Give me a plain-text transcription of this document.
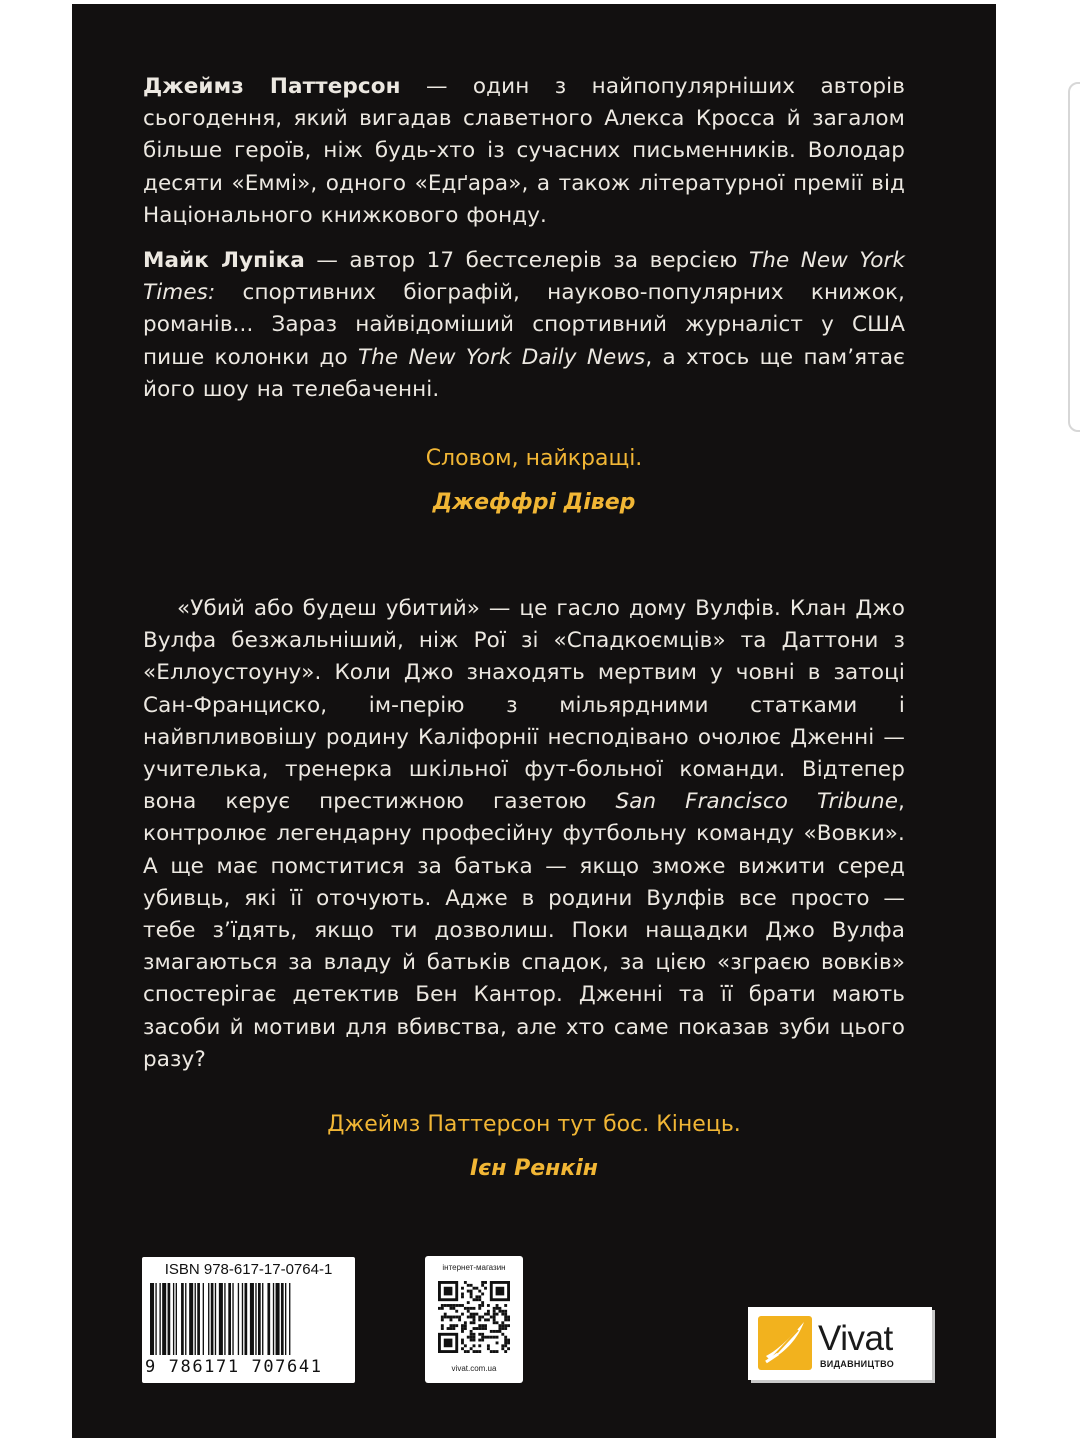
Джеймз Паттерсон — один з найпопулярніших авторів сьогодення, який вигадав славетного Алекса Кросса й загалом більше героїв, ніж будь-хто із сучасних письменників. Володар десяти «Еммі», одного «Едґара», а також літературної премії від Національного книжкового фонду.

Майк Лупіка — автор 17 бестселерів за версією The New York Times: спортивних біографій, науково-популярних книжок, романів... Зараз найвідоміший спортивний журналіст у США пише колонки до The New York Daily News, а хтось ще пам’ятає його шоу на телебаченні.

Словом, найкращі.

Джеффрі Дівер

«Убий або будеш убитий» — це гасло дому Вулфів. Клан Джо Вулфа безжальніший, ніж Рої зі «Спадкоємців» та Даттони з «Еллоустоуну». Коли Джо знаходять мертвим у човні в затоці Сан-Франциско, ім-перію з мільярдними статками і найвпливовішу родину Каліфорнії несподівано очолює Дженні — учителька, тренерка шкільної фут-больної команди. Відтепер вона керує престижною газетою San Francisco Tribune, контролює легендарну професійну футбольну команду «Вовки». А ще має помститися за батька — якщо зможе вижити серед убивць, які її оточують. Адже в родини Вулфів все просто — тебе з’їдять, якщо ти дозволиш. Поки нащадки Джо Вулфа змагаються за владу й батьків спадок, за цією «зграєю вовків» спостерігає детектив Бен Кантор. Дженні та її брати мають засоби й мотиви для вбивства, але хто саме показав зуби цього разу?

Джеймз Паттерсон тут бос. Кінець.

Ієн Ренкін

ISBN 978-617-17-0764-1
9 786171 707641
інтернет-магазин
vivat.com.ua
Vivat
ВИДАВНИЦТВО
